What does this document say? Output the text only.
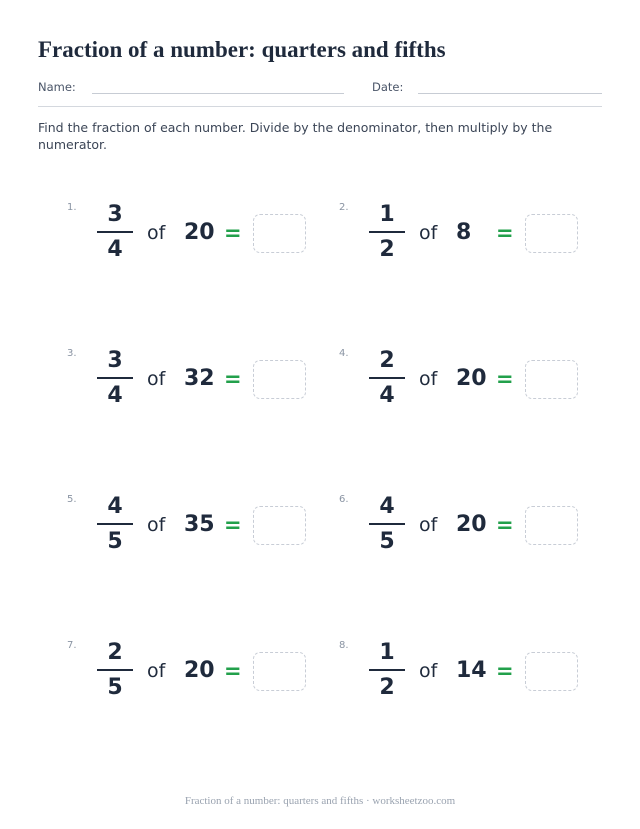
Fraction of a number: quarters and fifths
Name:	Date:
Find the fraction of each number. Divide by the denominator, then multiply by the numerator.
1.	3
4
of 20 =
2.	1
2
of 8 =
3.	3
4
of 32 =
4.	2
4
of 20 =
5.	4
5
of 35 =
6.	4
5
of 20 =
7.	2
5
of 20 =
8.	1
2
of 14 =
Fraction of a number: quarters and fifths · worksheetzoo.com
